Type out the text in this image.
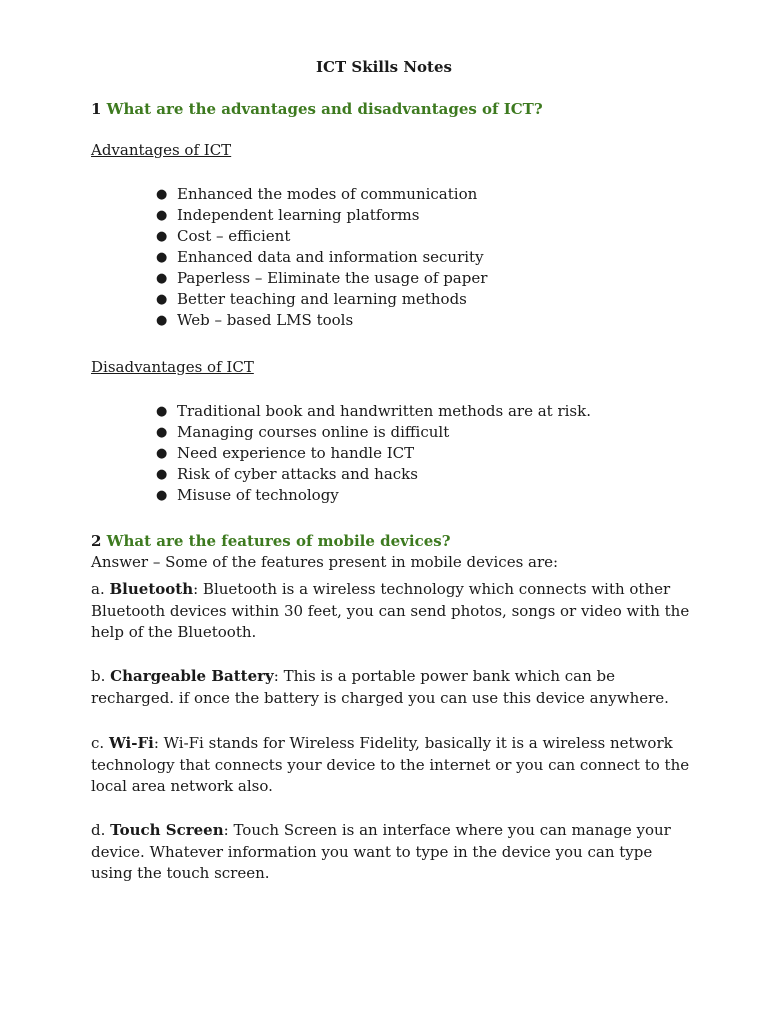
ICT Skills Notes
1 What are the advantages and disadvantages of ICT?
Advantages of ICT
● Enhanced the modes of communication
● Independent learning platforms
● Cost – efficient
● Enhanced data and information security
● Paperless – Eliminate the usage of paper
● Better teaching and learning methods
● Web – based LMS tools
Disadvantages of ICT
● Traditional book and handwritten methods are at risk.
● Managing courses online is difficult
● Need experience to handle ICT
● Risk of cyber attacks and hacks
● Misuse of technology
2 What are the features of mobile devices?
Answer – Some of the features present in mobile devices are:
a. Bluetooth: Bluetooth is a wireless technology which connects with other Bluetooth devices within 30 feet, you can send photos, songs or video with the help of the Bluetooth.
b. Chargeable Battery: This is a portable power bank which can be recharged. if once the battery is charged you can use this device anywhere.
c. Wi-Fi: Wi-Fi stands for Wireless Fidelity, basically it is a wireless network technology that connects your device to the internet or you can connect to the local area network also.
d. Touch Screen: Touch Screen is an interface where you can manage your device. Whatever information you want to type in the device you can type using the touch screen.
